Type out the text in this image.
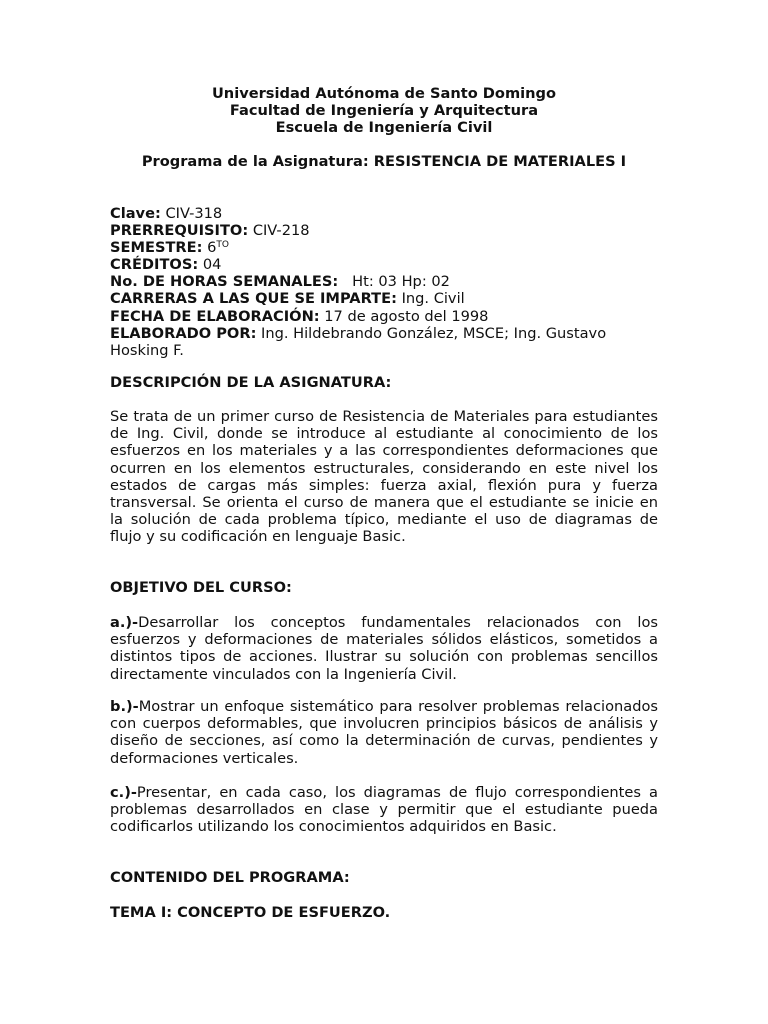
Universidad Autónoma de Santo Domingo
Facultad de Ingeniería y Arquitectura
Escuela de Ingeniería Civil
Programa de la Asignatura: RESISTENCIA DE MATERIALES I
Clave: CIV-318
PRERREQUISITO: CIV-218
SEMESTRE: $6^{TO}$
CRÉDITOS: 04
No. DE HORAS SEMANALES: Ht: 03 Hp: 02
CARRERAS A LAS QUE SE IMPARTE: Ing. Civil
FECHA DE ELABORACIÓN: 17 de agosto del 1998
ELABORADO POR: Ing. Hildebrando González, MSCE; Ing. Gustavo Hosking F.
DESCRIPCIÓN DE LA ASIGNATURA:
Se trata de un primer curso de Resistencia de Materiales para estudiantes de Ing. Civil, donde se introduce al estudiante al conocimiento de los esfuerzos en los materiales y a las correspondientes deformaciones que ocurren en los elementos estructurales, considerando en este nivel los estados de cargas más simples: fuerza axial, flexión pura y fuerza transversal. Se orienta el curso de manera que el estudiante se inicie en la solución de cada problema típico, mediante el uso de diagramas de flujo y su codificación en lenguaje Basic.
OBJETIVO DEL CURSO:
a.)-Desarrollar los conceptos fundamentales relacionados con los esfuerzos y deformaciones de materiales sólidos elásticos, sometidos a distintos tipos de acciones. Ilustrar su solución con problemas sencillos directamente vinculados con la Ingeniería Civil.
b.)-Mostrar un enfoque sistemático para resolver problemas relacionados con cuerpos deformables, que involucren principios básicos de análisis y diseño de secciones, así como la determinación de curvas, pendientes y deformaciones verticales.
c.)-Presentar, en cada caso, los diagramas de flujo correspondientes a problemas desarrollados en clase y permitir que el estudiante pueda codificarlos utilizando los conocimientos adquiridos en Basic.
CONTENIDO DEL PROGRAMA:
TEMA I: CONCEPTO DE ESFUERZO.
